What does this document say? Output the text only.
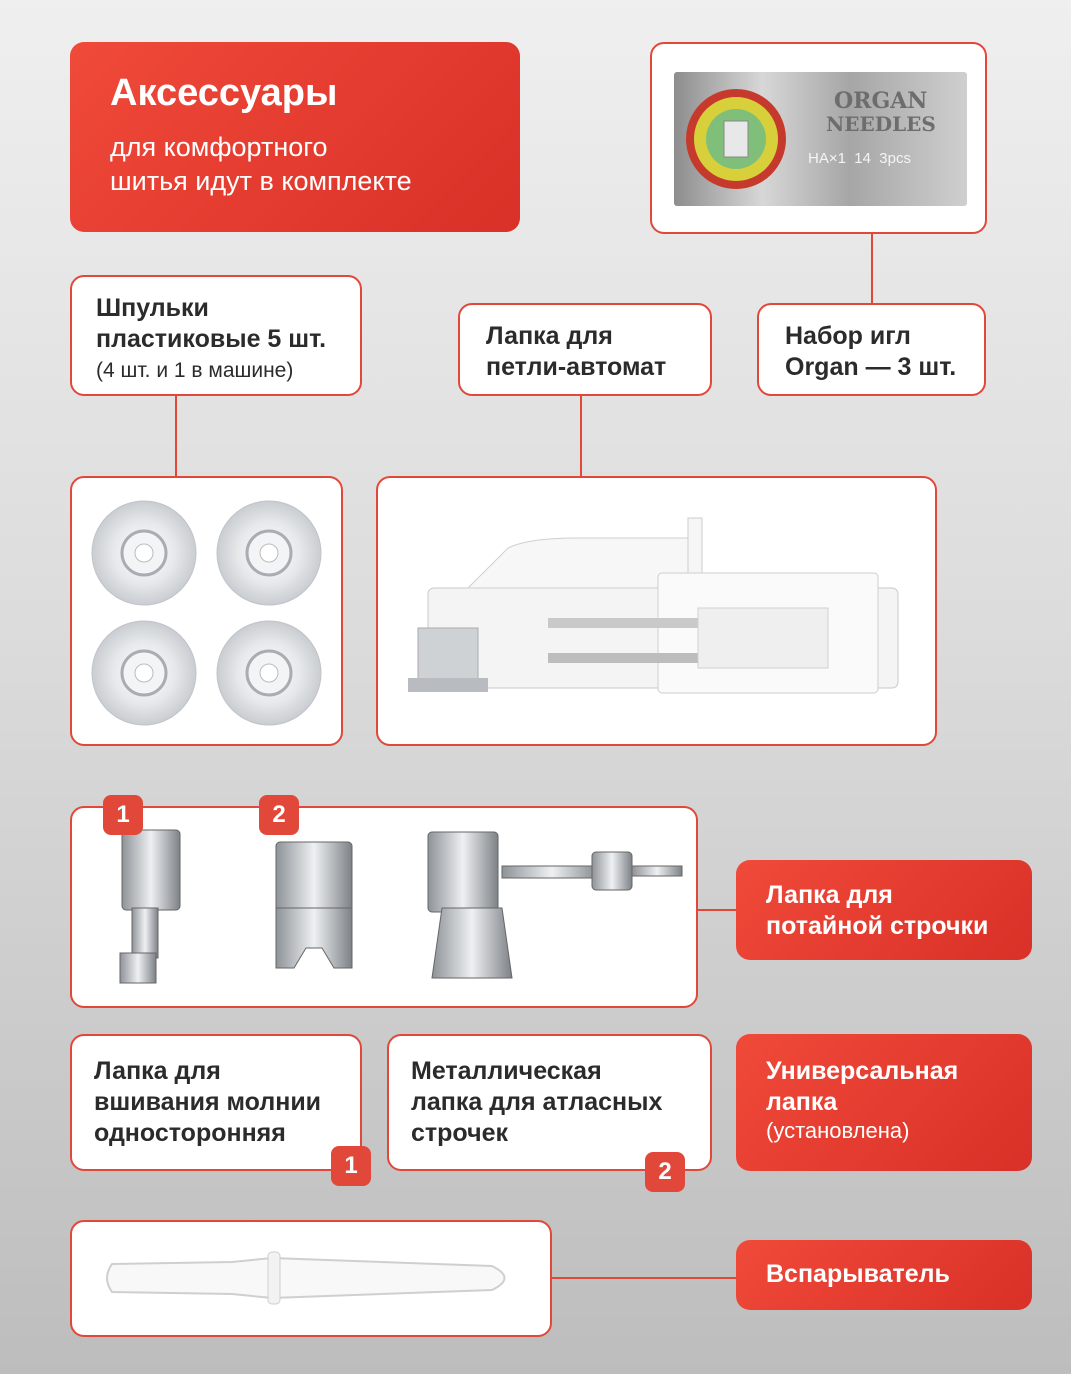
Аксессуары
для комфортного
шитья идут в комплекте
ORGAN
NEEDLES
HA×1  14  3pcs
Шпульки
пластиковые 5 шт.
(4 шт. и 1 в машине)
Лапка для
петли-автомат
Набор игл
Organ — 3 шт.
1	2
Лапка для
потайной строчки
Лапка для
вшивания молнии
односторонняя
1
Металлическая
лапка для атласных
строчек
2
Универсальная
лапка
(установлена)
Вспарыватель
